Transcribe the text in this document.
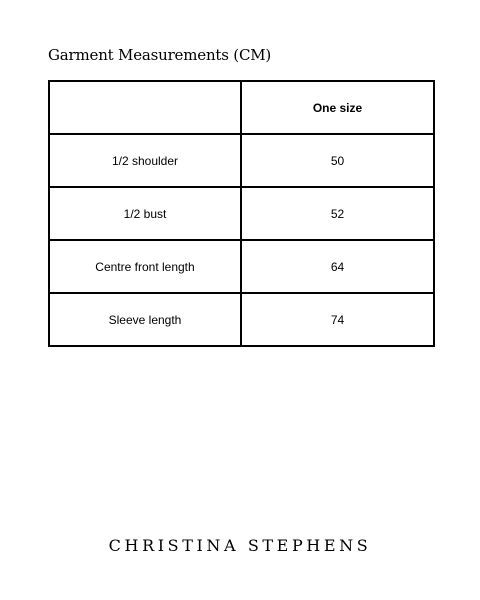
Garment Measurements (CM)
	One size
1/2 shoulder	50
1/2 bust	52
Centre front length	64
Sleeve length	74
CHRISTINA STEPHENS
